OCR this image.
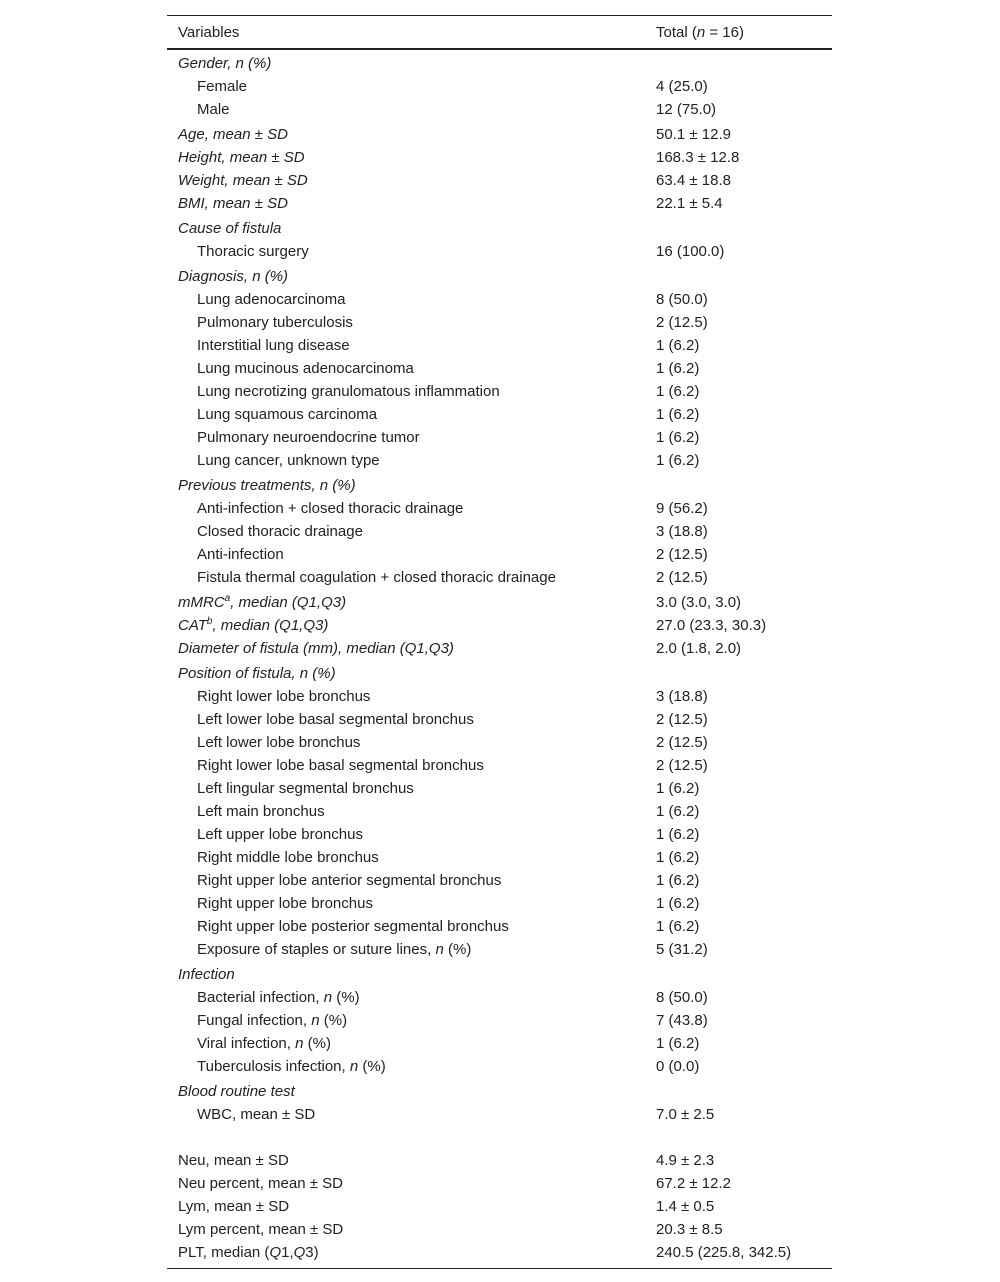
Variables	Total (n = 16)
Gender, n (%)
Female	4 (25.0)
Male	12 (75.0)
Age, mean ± SD	50.1 ± 12.9
Height, mean ± SD	168.3 ± 12.8
Weight, mean ± SD	63.4 ± 18.8
BMI, mean ± SD	22.1 ± 5.4
Cause of fistula
Thoracic surgery	16 (100.0)
Diagnosis, n (%)
Lung adenocarcinoma	8 (50.0)
Pulmonary tuberculosis	2 (12.5)
Interstitial lung disease	1 (6.2)
Lung mucinous adenocarcinoma	1 (6.2)
Lung necrotizing granulomatous inflammation	1 (6.2)
Lung squamous carcinoma	1 (6.2)
Pulmonary neuroendocrine tumor	1 (6.2)
Lung cancer, unknown type	1 (6.2)
Previous treatments, n (%)
Anti-infection + closed thoracic drainage	9 (56.2)
Closed thoracic drainage	3 (18.8)
Anti-infection	2 (12.5)
Fistula thermal coagulation + closed thoracic drainage	2 (12.5)
mMRC$^a$, median (Q1,Q3)	3.0 (3.0, 3.0)
CAT$^b$, median (Q1,Q3)	27.0 (23.3, 30.3)
Diameter of fistula (mm), median (Q1,Q3)	2.0 (1.8, 2.0)
Position of fistula, n (%)
Right lower lobe bronchus	3 (18.8)
Left lower lobe basal segmental bronchus	2 (12.5)
Left lower lobe bronchus	2 (12.5)
Right lower lobe basal segmental bronchus	2 (12.5)
Left lingular segmental bronchus	1 (6.2)
Left main bronchus	1 (6.2)
Left upper lobe bronchus	1 (6.2)
Right middle lobe bronchus	1 (6.2)
Right upper lobe anterior segmental bronchus	1 (6.2)
Right upper lobe bronchus	1 (6.2)
Right upper lobe posterior segmental bronchus	1 (6.2)
Exposure of staples or suture lines, n (%)	5 (31.2)
Infection
Bacterial infection, n (%)	8 (50.0)
Fungal infection, n (%)	7 (43.8)
Viral infection, n (%)	1 (6.2)
Tuberculosis infection, n (%)	0 (0.0)
Blood routine test
WBC, mean ± SD	7.0 ± 2.5
Neu, mean ± SD	4.9 ± 2.3
Neu percent, mean ± SD	67.2 ± 12.2
Lym, mean ± SD	1.4 ± 0.5
Lym percent, mean ± SD	20.3 ± 8.5
PLT, median (Q1,Q3)	240.5 (225.8, 342.5)
